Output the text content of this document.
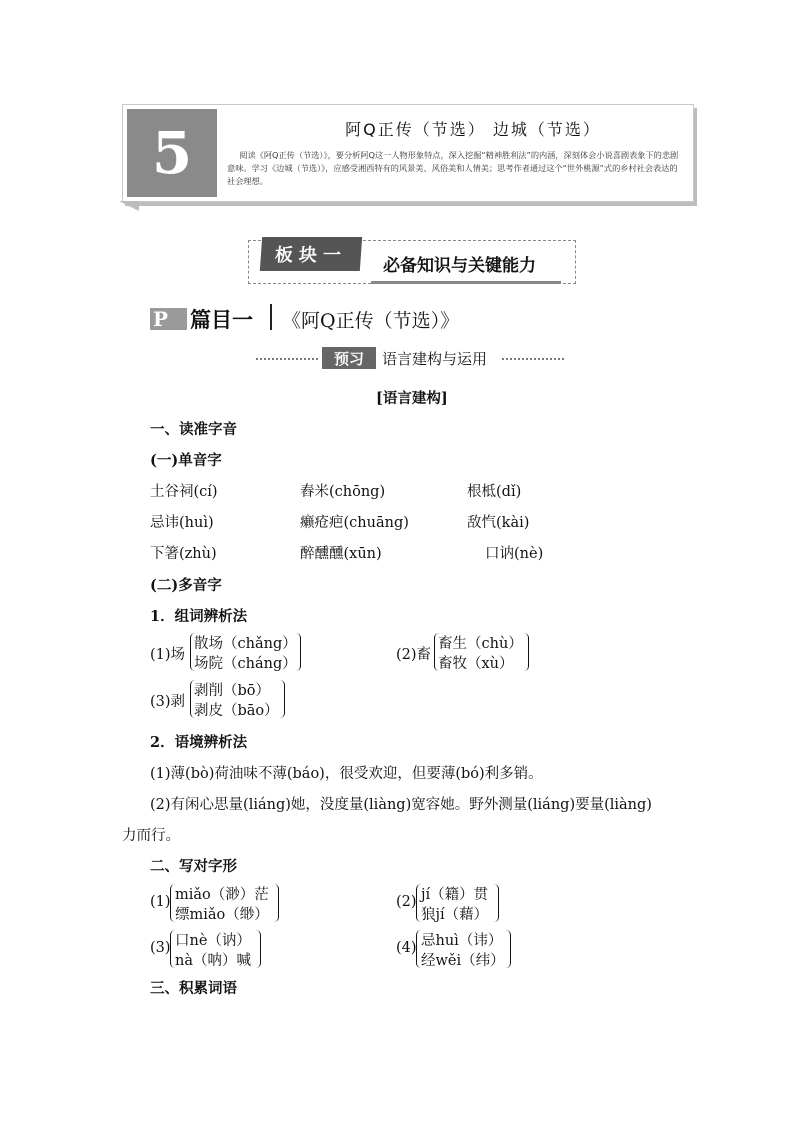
5	阿Q正传（节选） 边城（节选）
阅读《阿Q正传（节选）》，要分析阿Q这一人物形象特点，深入挖掘“精神胜利法”的内涵，深刻体会小说喜剧表象下的悲剧意味。学习《边城（节选）》，应感受湘西特有的风景美、风俗美和人情美；思考作者通过这个“世外桃源”式的乡村社会表达的社会理想。
板块一	必备知识与关键能力
P	篇目一 《阿Q正传（节选）》
预习	语言建构与运用
[语言建构]
一、读准字音
(一)单音字
土谷祠(cí)	舂米(chōng)	根柢(dǐ)
忌讳(huì)	癞疮疤(chuāng)	敌忾(kài)
下箸(zhù)	醉醺醺(xūn)	口讷(nè)
(二)多音字
1．组词辨析法
(1)场
散场（chǎng）
场院（cháng）
(2)畜
畜生（chù）
畜牧（xù）
(3)剥
剥削（bō）
剥皮（bāo）
2．语境辨析法
(1)薄(bò)荷油味不薄(báo)，很受欢迎，但要薄(bó)利多销。
(2)有闲心思量(liáng)她，没度量(liàng)宽容她。野外测量(liáng)要量(liàng)
力而行。
二、写对字形
(1) miǎo（渺）茫
缥miǎo（缈）
(2) jí（籍）贯
狼jí（藉）
(3) 口nè（讷）
nà（呐）喊
(4) 忌huì（讳）
经wěi（纬）
三、积累词语
